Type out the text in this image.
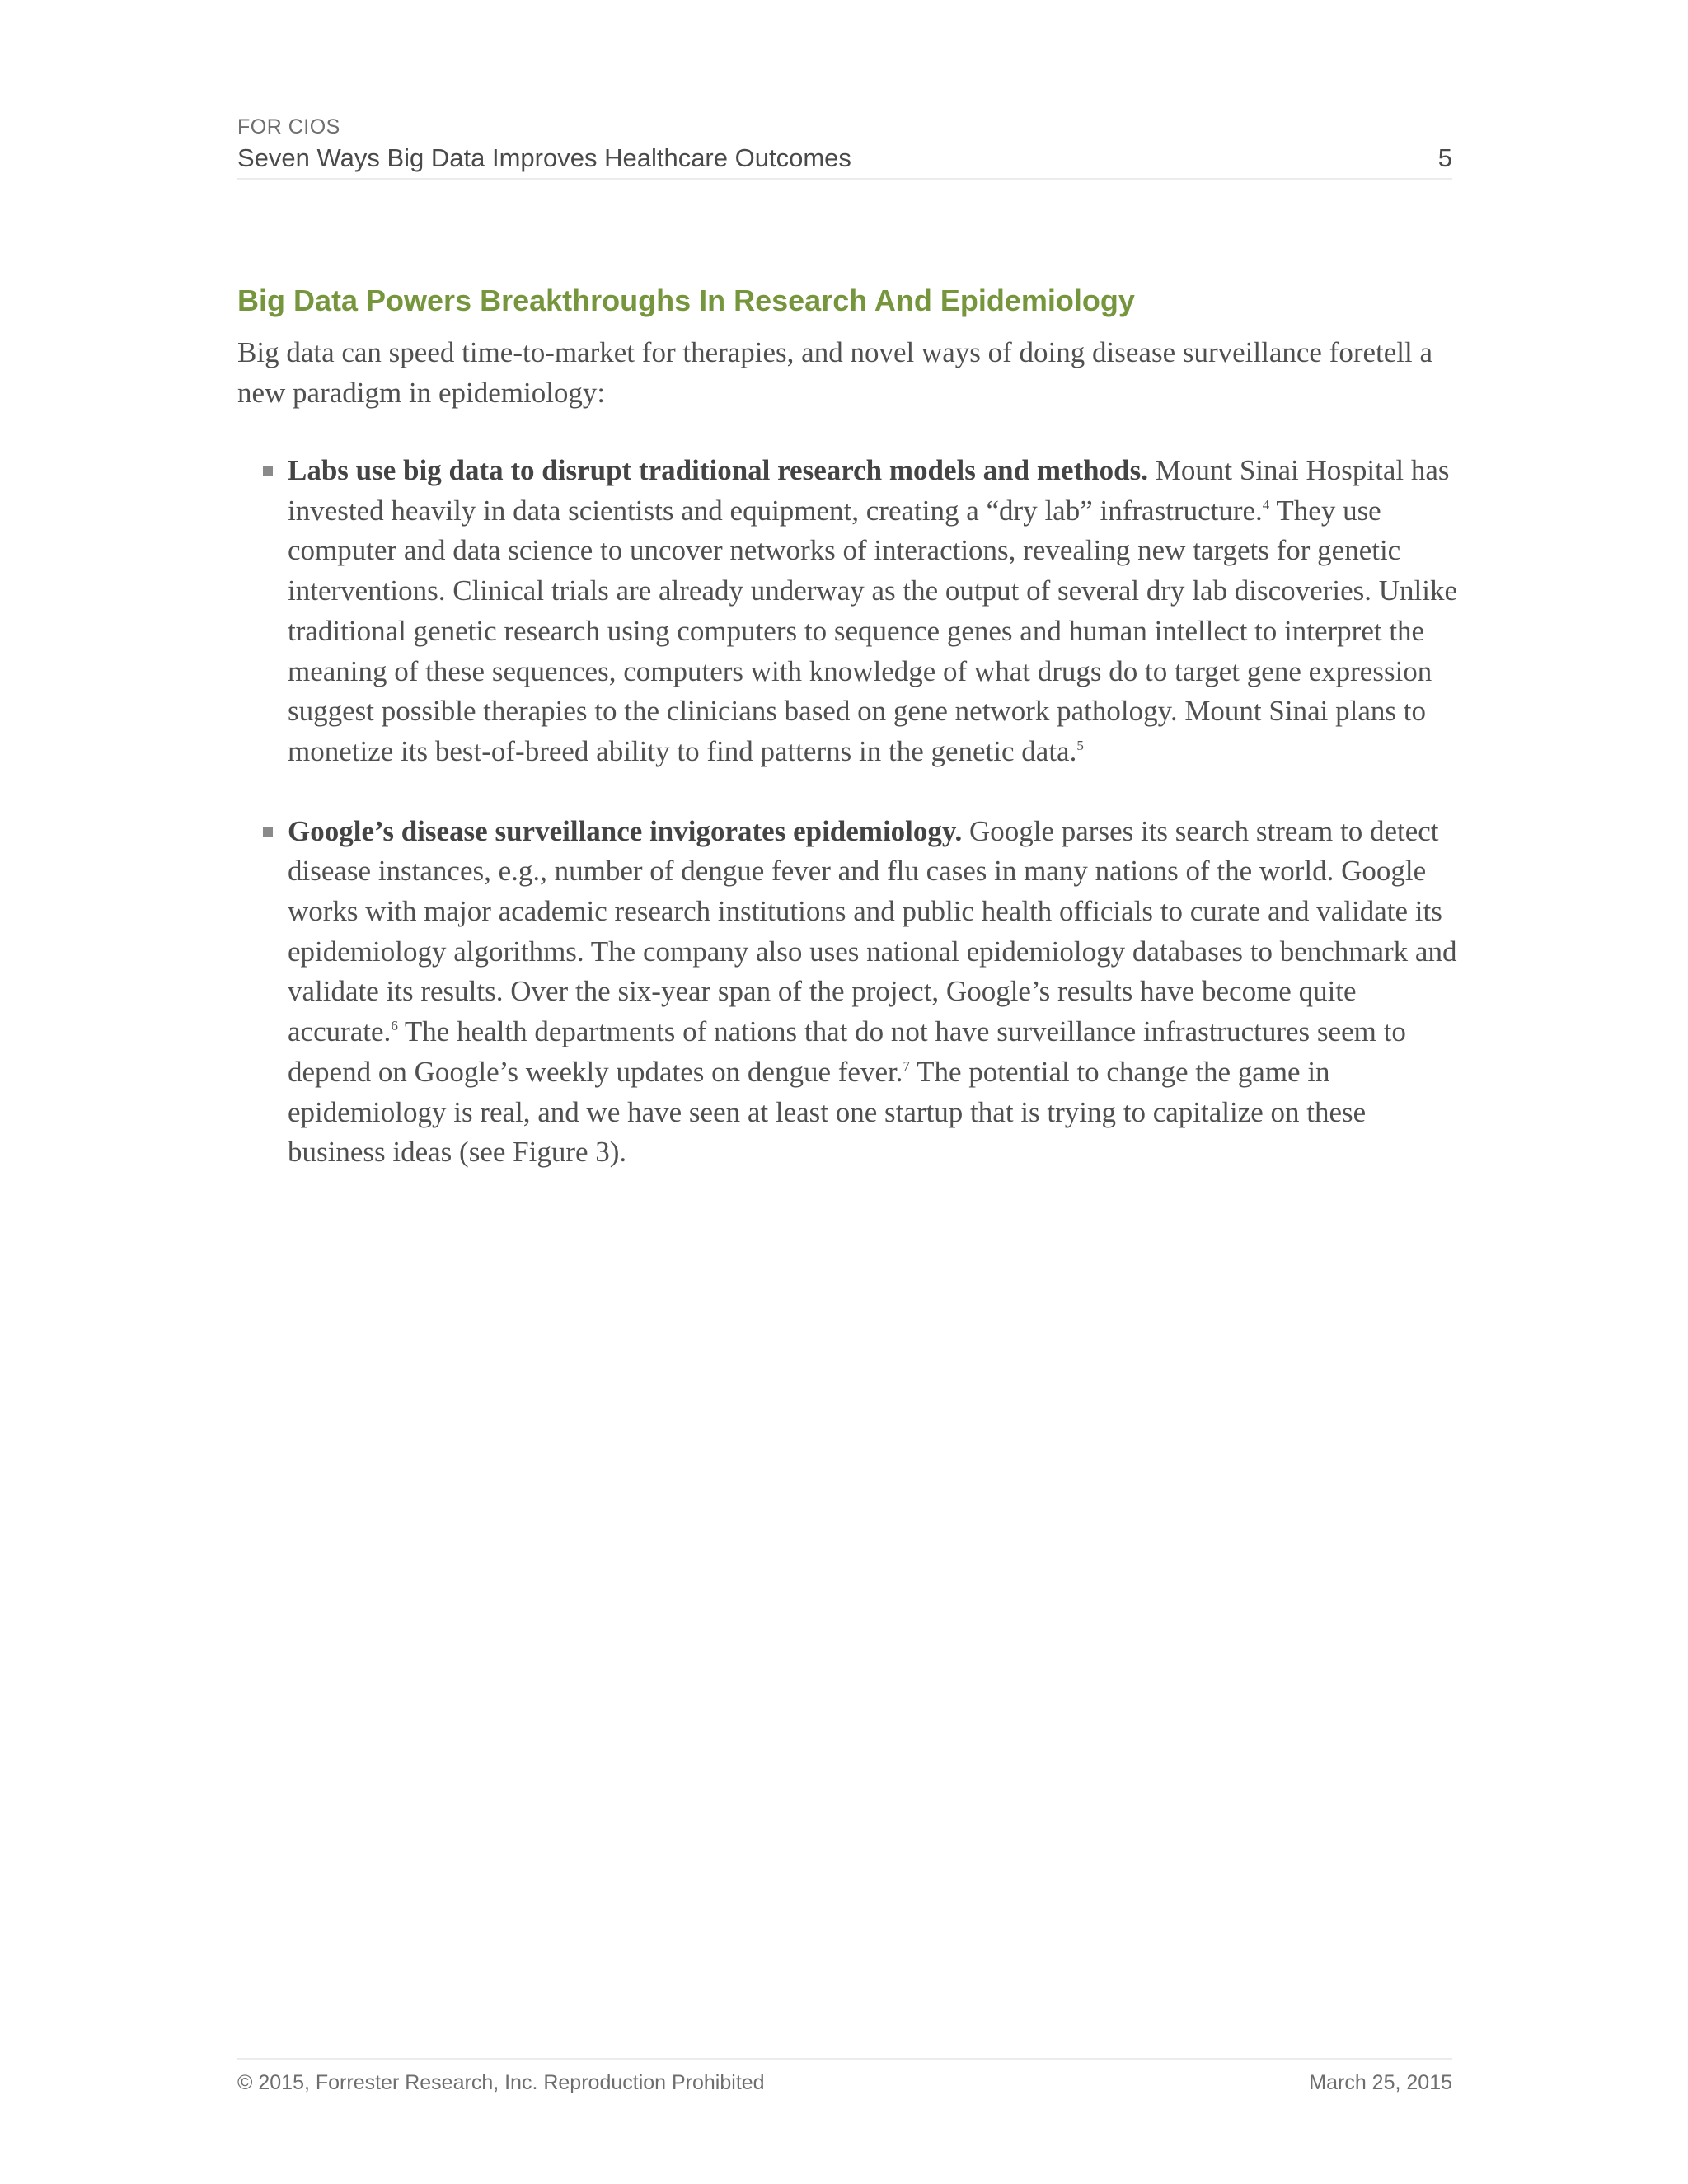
FOR CIOS
Seven Ways Big Data Improves Healthcare Outcomes	5
Big Data Powers Breakthroughs In Research And Epidemiology

Big data can speed time-to-market for therapies, and novel ways of doing disease surveillance foretell a new paradigm in epidemiology:

Labs use big data to disrupt traditional research models and methods. Mount Sinai Hospital has invested heavily in data scientists and equipment, creating a “dry lab” infrastructure.$^4$ They use computer and data science to uncover networks of interactions, revealing new targets for genetic interventions. Clinical trials are already underway as the output of several dry lab discoveries. Unlike traditional genetic research using computers to sequence genes and human intellect to interpret the meaning of these sequences, computers with knowledge of what drugs do to target gene expression suggest possible therapies to the clinicians based on gene network pathology. Mount Sinai plans to monetize its best-of-breed ability to find patterns in the genetic data.$^5$
Google’s disease surveillance invigorates epidemiology. Google parses its search stream to detect disease instances, e.g., number of dengue fever and flu cases in many nations of the world. Google works with major academic research institutions and public health officials to curate and validate its epidemiology algorithms. The company also uses national epidemiology databases to benchmark and validate its results. Over the six-year span of the project, Google’s results have become quite accurate.$^6$ The health departments of nations that do not have surveillance infrastructures seem to depend on Google’s weekly updates on dengue fever.$^7$ The potential to change the game in epidemiology is real, and we have seen at least one startup that is trying to capitalize on these business ideas (see Figure 3).
© 2015, Forrester Research, Inc. Reproduction Prohibited	March 25, 2015
